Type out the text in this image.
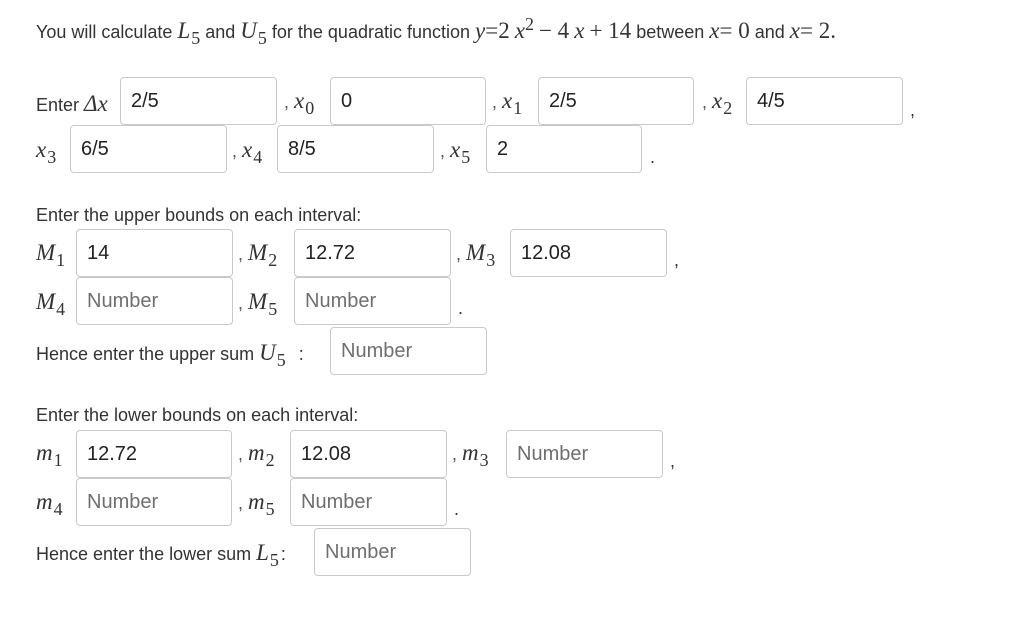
You will calculate $L_5$ and $U_5$ for the quadratic function y=2 $x^2 - 4$ x + 14 between x= 0 and x= 2.
Enter Δx
2/5	, $x_0$
0	, $x_1$
2/5	, $x_2$
4/5	,
$x_3$
6/5	, $x_4$
8/5	, $x_5$
2	.
Enter the upper bounds on each interval:
$M_1$
14	, $M_2$
12.72	, $M_3$
12.08	,
$M_4$
Number	, $M_5$
Number	.
Hence enter the upper sum $U_5$ :
Number
Enter the lower bounds on each interval:
$m_1$
12.72	, $m_2$
12.08	, $m_3$
Number	,
$m_4$
Number	, $m_5$
Number	.
Hence enter the lower sum $L_5$ :
Number
